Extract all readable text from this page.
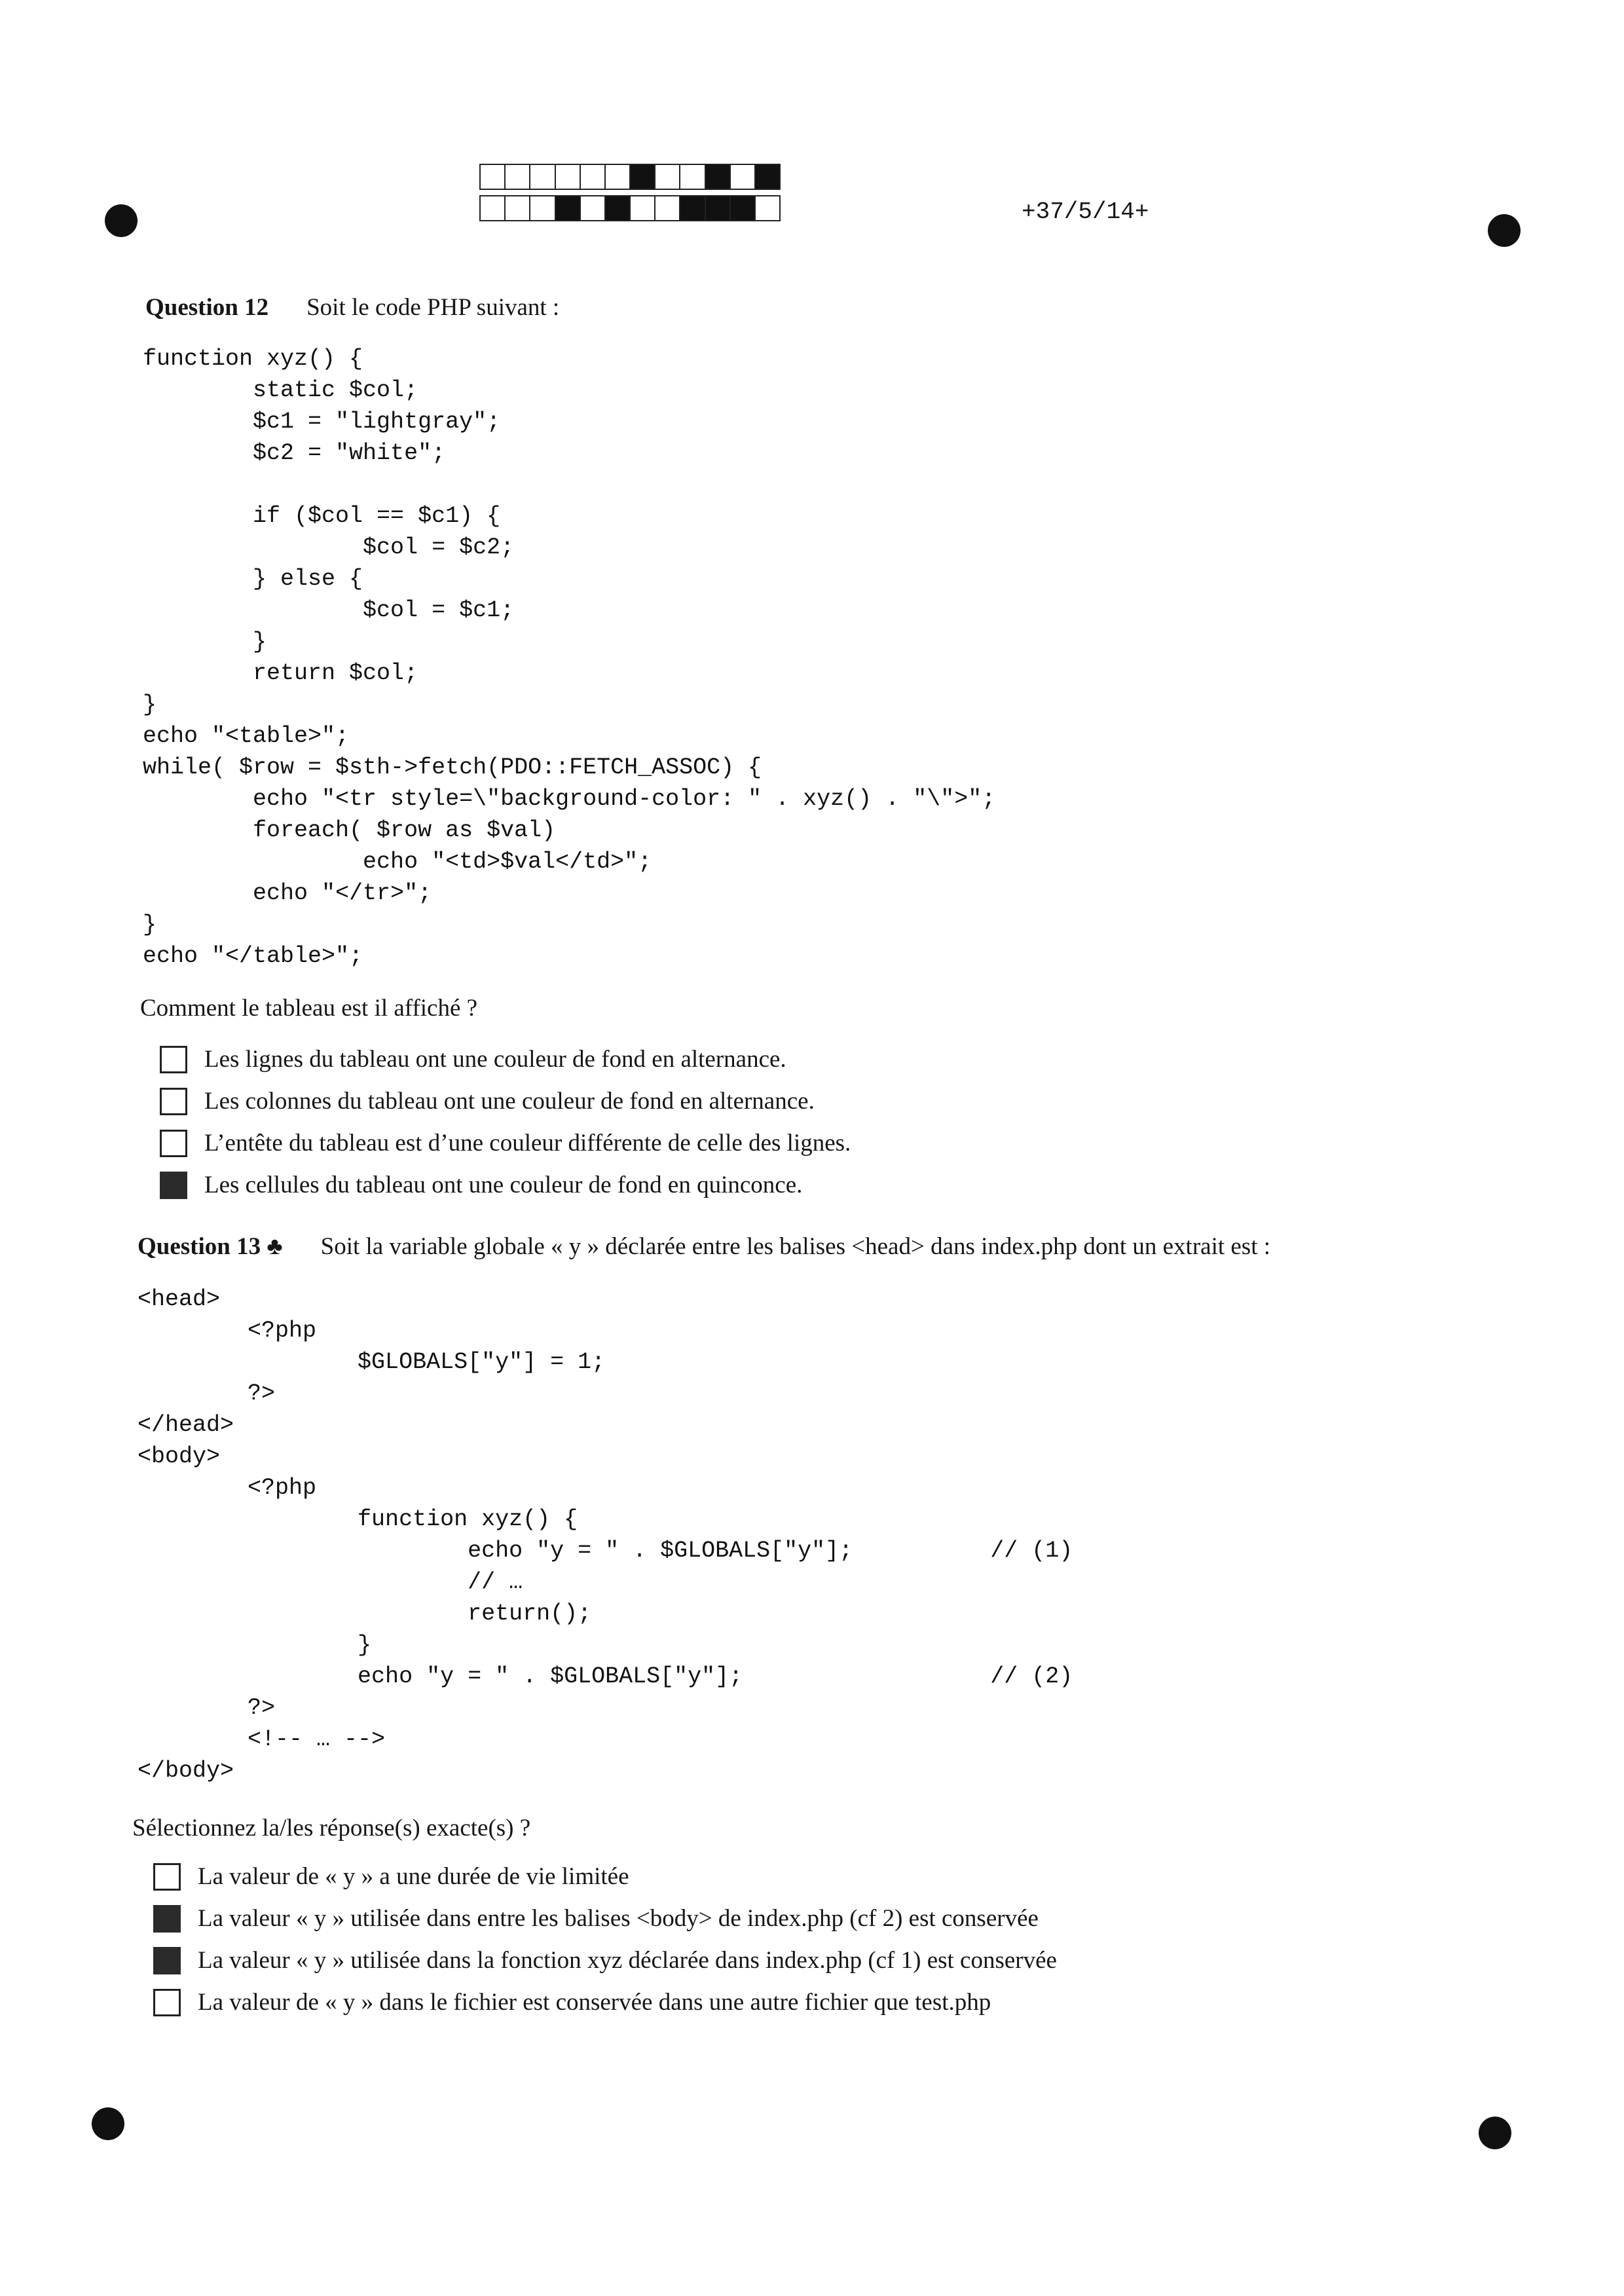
+37/5/14+
Question 12 Soit le code PHP suivant :
function xyz() {
static $col;
$c1 = "lightgray";
$c2 = "white";

if ($col == $c1) {
$col = $c2;
} else {
$col = $c1;
}
return $col;
}
echo "<table>";
while( $row = $sth->fetch(PDO::FETCH_ASSOC) {
echo "<tr style=\"background-color: " . xyz() . "\">";
foreach( $row as $val)
echo "<td>$val</td>";
echo "</tr>";
}
echo "</table>";
Comment le tableau est il affiché ?
Les lignes du tableau ont une couleur de fond en alternance.
Les colonnes du tableau ont une couleur de fond en alternance.
L’entête du tableau est d’une couleur différente de celle des lignes.
Les cellules du tableau ont une couleur de fond en quinconce.
Question 13 ♣ Soit la variable globale « y » déclarée entre les balises <head> dans index.php dont un extrait est :
<head>
<?php
$GLOBALS["y"] = 1;
?>
</head>
<body>
<?php
function xyz() {
echo "y = " . $GLOBALS["y"];          // (1)
// …
return();
}
echo "y = " . $GLOBALS["y"];                  // (2)
?>
<!-- … -->
</body>
Sélectionnez la/les réponse(s) exacte(s) ?
La valeur de « y » a une durée de vie limitée
La valeur « y » utilisée dans entre les balises <body> de index.php (cf 2) est conservée
La valeur « y » utilisée dans la fonction xyz déclarée dans index.php (cf 1) est conservée
La valeur de « y » dans le fichier est conservée dans une autre fichier que test.php
